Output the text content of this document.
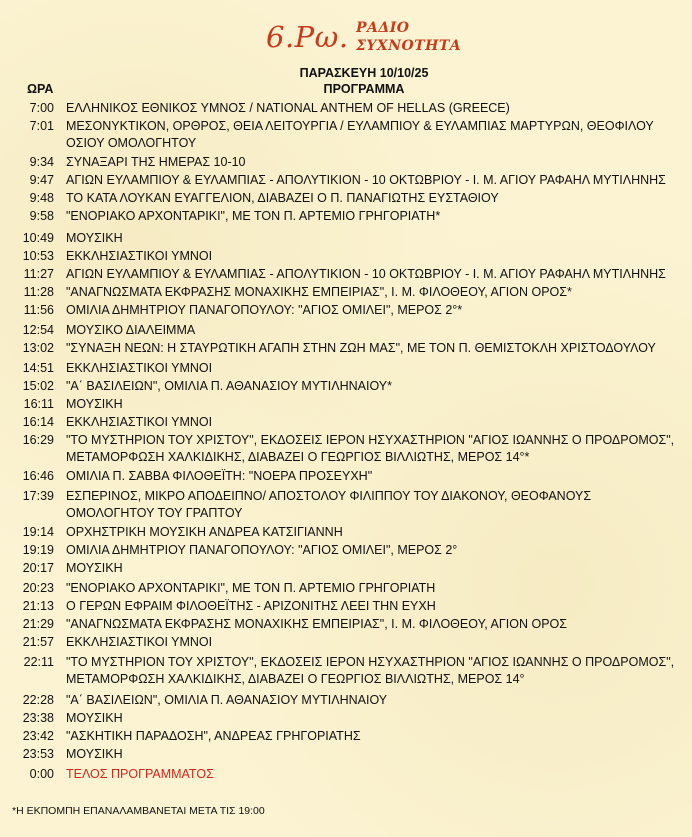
6.Ρω. ΡΑΔΙΟ
ΣΥΧΝΟΤΗΤΑ
ΠΑΡΑΣΚΕΥΗ 10/10/25
ΩΡΑ	ΠΡΟΓΡΑΜΜΑ
7:00 ΕΛΛΗΝΙΚΟΣ ΕΘΝΙΚΟΣ ΥΜΝΟΣ / NATIONAL ANTHEM OF HELLAS (GREECE)
7:01 ΜΕΣΟΝΥΚΤΙΚΟΝ, ΟΡΘΡΟΣ, ΘΕΙΑ ΛΕΙΤΟΥΡΓΙΑ / ΕΥΛΑΜΠΙΟΥ & ΕΥΛΑΜΠΙΑΣ ΜΑΡΤΥΡΩΝ, ΘΕΟΦΙΛΟΥ ΟΣΙΟΥ ΟΜΟΛΟΓΗΤΟΥ
9:34 ΣΥΝΑΞΑΡΙ ΤΗΣ ΗΜΕΡΑΣ 10-10
9:47 ΑΓΙΩΝ ΕΥΛΑΜΠΙΟΥ & ΕΥΛΑΜΠΙΑΣ - ΑΠΟΛΥΤΙΚΙΟΝ - 10 ΟΚΤΩΒΡΙΟΥ - Ι. Μ. ΑΓΙΟΥ ΡΑΦΑΗΛ ΜΥΤΙΛΗΝΗΣ
9:48 ΤΟ ΚΑΤΑ ΛΟΥΚΑΝ ΕΥΑΓΓΕΛΙΟΝ, ΔΙΑΒΑΖΕΙ Ο Π. ΠΑΝΑΓΙΩΤΗΣ ΕΥΣΤΑΘΙΟΥ
9:58 "ΕΝΟΡΙΑΚΟ ΑΡΧΟΝΤΑΡΙΚΙ", ΜΕ ΤΟΝ Π. ΑΡΤΕΜΙΟ ΓΡΗΓΟΡΙΑΤΗ*
10:49 ΜΟΥΣΙΚΗ
10:53 ΕΚΚΛΗΣΙΑΣΤΙΚΟΙ ΥΜΝΟΙ
11:27 ΑΓΙΩΝ ΕΥΛΑΜΠΙΟΥ & ΕΥΛΑΜΠΙΑΣ - ΑΠΟΛΥΤΙΚΙΟΝ - 10 ΟΚΤΩΒΡΙΟΥ - Ι. Μ. ΑΓΙΟΥ ΡΑΦΑΗΛ ΜΥΤΙΛΗΝΗΣ
11:28 "ΑΝΑΓΝΩΣΜΑΤΑ ΕΚΦΡΑΣΗΣ ΜΟΝΑΧΙΚΗΣ ΕΜΠΕΙΡΙΑΣ", Ι. Μ. ΦΙΛΟΘΕΟΥ, ΑΓΙΟΝ ΟΡΟΣ*
11:56 ΟΜΙΛΙΑ ΔΗΜΗΤΡΙΟΥ ΠΑΝΑΓΟΠΟΥΛΟΥ: "ΑΓΙΟΣ ΟΜΙΛΕΙ", ΜΕΡΟΣ 2°*
12:54 ΜΟΥΣΙΚΟ ΔΙΑΛΕΙΜΜΑ
13:02 "ΣΥΝΑΞΗ ΝΕΩΝ: Η ΣΤΑΥΡΩΤΙΚΗ ΑΓΑΠΗ ΣΤΗΝ ΖΩΗ ΜΑΣ", ΜΕ ΤΟΝ Π. ΘΕΜΙΣΤΟΚΛΗ ΧΡΙΣΤΟΔΟΥΛΟΥ
14:51 ΕΚΚΛΗΣΙΑΣΤΙΚΟΙ ΥΜΝΟΙ
15:02 "Α΄ ΒΑΣΙΛΕΙΩΝ", ΟΜΙΛΙΑ Π. ΑΘΑΝΑΣΙΟΥ ΜΥΤΙΛΗΝΑΙΟΥ*
16:11 ΜΟΥΣΙΚΗ
16:14 ΕΚΚΛΗΣΙΑΣΤΙΚΟΙ ΥΜΝΟΙ
16:29 "ΤΟ ΜΥΣΤΗΡΙΟΝ ΤΟΥ ΧΡΙΣΤΟΥ", ΕΚΔΟΣΕΙΣ ΙΕΡΟΝ ΗΣΥΧΑΣΤΗΡΙΟΝ "ΑΓΙΟΣ ΙΩΑΝΝΗΣ Ο ΠΡΟΔΡΟΜΟΣ", ΜΕΤΑΜΟΡΦΩΣΗ ΧΑΛΚΙΔΙΚΗΣ, ΔΙΑΒΑΖΕΙ Ο ΓΕΩΡΓΙΟΣ ΒΙΛΛΙΩΤΗΣ, ΜΕΡΟΣ 14°*
16:46 ΟΜΙΛΙΑ Π. ΣΑΒΒΑ ΦΙΛΟΘΕΪΤΗ: "ΝΟΕΡΑ ΠΡΟΣΕΥΧΗ"
17:39 ΕΣΠΕΡΙΝΟΣ, ΜΙΚΡΟ ΑΠΟΔΕΙΠΝΟ/ ΑΠΟΣΤΟΛΟΥ ΦΙΛΙΠΠΟΥ ΤΟΥ ΔΙΑΚΟΝΟΥ, ΘΕΟΦΑΝΟΥΣ ΟΜΟΛΟΓΗΤΟΥ ΤΟΥ ΓΡΑΠΤΟΥ
19:14 ΟΡΧΗΣΤΡΙΚΗ ΜΟΥΣΙΚΗ ΑΝΔΡΕΑ ΚΑΤΣΙΓΙΑΝΝΗ
19:19 ΟΜΙΛΙΑ ΔΗΜΗΤΡΙΟΥ ΠΑΝΑΓΟΠΟΥΛΟΥ: "ΑΓΙΟΣ ΟΜΙΛΕΙ", ΜΕΡΟΣ 2°
20:17 ΜΟΥΣΙΚΗ
20:23 "ΕΝΟΡΙΑΚΟ ΑΡΧΟΝΤΑΡΙΚΙ", ΜΕ ΤΟΝ Π. ΑΡΤΕΜΙΟ ΓΡΗΓΟΡΙΑΤΗ
21:13 Ο ΓΕΡΩΝ ΕΦΡΑΙΜ ΦΙΛΟΘΕΪΤΗΣ - ΑΡΙΖΟΝΙΤΗΣ ΛΕΕΙ ΤΗΝ ΕΥΧΗ
21:29 "ΑΝΑΓΝΩΣΜΑΤΑ ΕΚΦΡΑΣΗΣ ΜΟΝΑΧΙΚΗΣ ΕΜΠΕΙΡΙΑΣ", Ι. Μ. ΦΙΛΟΘΕΟΥ, ΑΓΙΟΝ ΟΡΟΣ
21:57 ΕΚΚΛΗΣΙΑΣΤΙΚΟΙ ΥΜΝΟΙ
22:11 "ΤΟ ΜΥΣΤΗΡΙΟΝ ΤΟΥ ΧΡΙΣΤΟΥ", ΕΚΔΟΣΕΙΣ ΙΕΡΟΝ ΗΣΥΧΑΣΤΗΡΙΟΝ "ΑΓΙΟΣ ΙΩΑΝΝΗΣ Ο ΠΡΟΔΡΟΜΟΣ", ΜΕΤΑΜΟΡΦΩΣΗ ΧΑΛΚΙΔΙΚΗΣ, ΔΙΑΒΑΖΕΙ Ο ΓΕΩΡΓΙΟΣ ΒΙΛΛΙΩΤΗΣ, ΜΕΡΟΣ 14°
22:28 "Α΄ ΒΑΣΙΛΕΙΩΝ", ΟΜΙΛΙΑ Π. ΑΘΑΝΑΣΙΟΥ ΜΥΤΙΛΗΝΑΙΟΥ
23:38 ΜΟΥΣΙΚΗ
23:42 "ΑΣΚΗΤΙΚΗ ΠΑΡΑΔΟΣΗ", ΑΝΔΡΕΑΣ ΓΡΗΓΟΡΙΑΤΗΣ
23:53 ΜΟΥΣΙΚΗ
0:00 ΤΕΛΟΣ ΠΡΟΓΡΑΜΜΑΤΟΣ
*Η ΕΚΠΟΜΠΗ ΕΠΑΝΑΛΑΜΒΑΝΕΤΑΙ ΜΕΤΑ ΤΙΣ 19:00
